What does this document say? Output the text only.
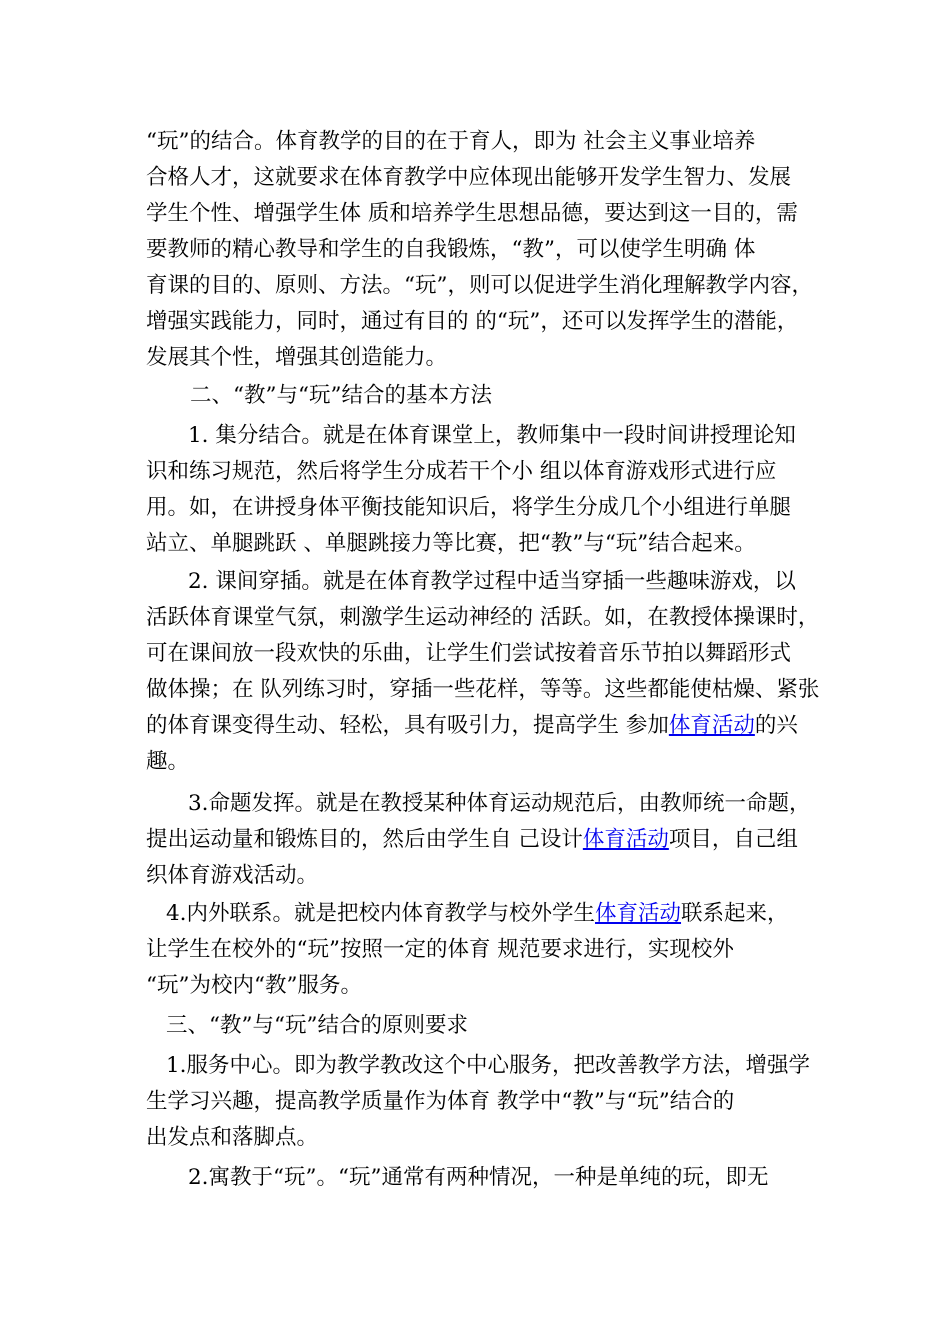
“玩”的结合。体育教学的目的在于育人，即为 社会主义事业培养
合格人才，这就要求在体育教学中应体现出能够开发学生智力、发展
学生个性、增强学生体 质和培养学生思想品德，要达到这一目的，需
要教师的精心教导和学生的自我锻炼，“教”，可以使学生明确 体
育课的目的、原则、方法。“玩”，则可以促进学生消化理解教学内容，
增强实践能力，同时，通过有目的 的“玩”，还可以发挥学生的潜能，
发展其个性，增强其创造能力。
二、“教”与“玩”结合的基本方法
1. 集分结合。就是在体育课堂上，教师集中一段时间讲授理论知
识和练习规范，然后将学生分成若干个小 组以体育游戏形式进行应
用。如，在讲授身体平衡技能知识后，将学生分成几个小组进行单腿
站立、单腿跳跃 、单腿跳接力等比赛，把“教”与“玩”结合起来。
2. 课间穿插。就是在体育教学过程中适当穿插一些趣味游戏，以
活跃体育课堂气氛，刺激学生运动神经的 活跃。如，在教授体操课时，
可在课间放一段欢快的乐曲，让学生们尝试按着音乐节拍以舞蹈形式
做体操；在 队列练习时，穿插一些花样，等等。这些都能使枯燥、紧张
的体育课变得生动、轻松，具有吸引力，提高学生 参加体育活动的兴
趣。
3.命题发挥。就是在教授某种体育运动规范后，由教师统一命题，
提出运动量和锻炼目的，然后由学生自 己设计体育活动项目，自己组
织体育游戏活动。
4.内外联系。就是把校内体育教学与校外学生体育活动联系起来，
让学生在校外的“玩”按照一定的体育 规范要求进行，实现校外
“玩”为校内“教”服务。
三、“教”与“玩”结合的原则要求
1.服务中心。即为教学教改这个中心服务，把改善教学方法，增强学
生学习兴趣，提高教学质量作为体育 教学中“教”与“玩”结合的
出发点和落脚点。
2.寓教于“玩”。“玩”通常有两种情况，一种是单纯的玩，即无
